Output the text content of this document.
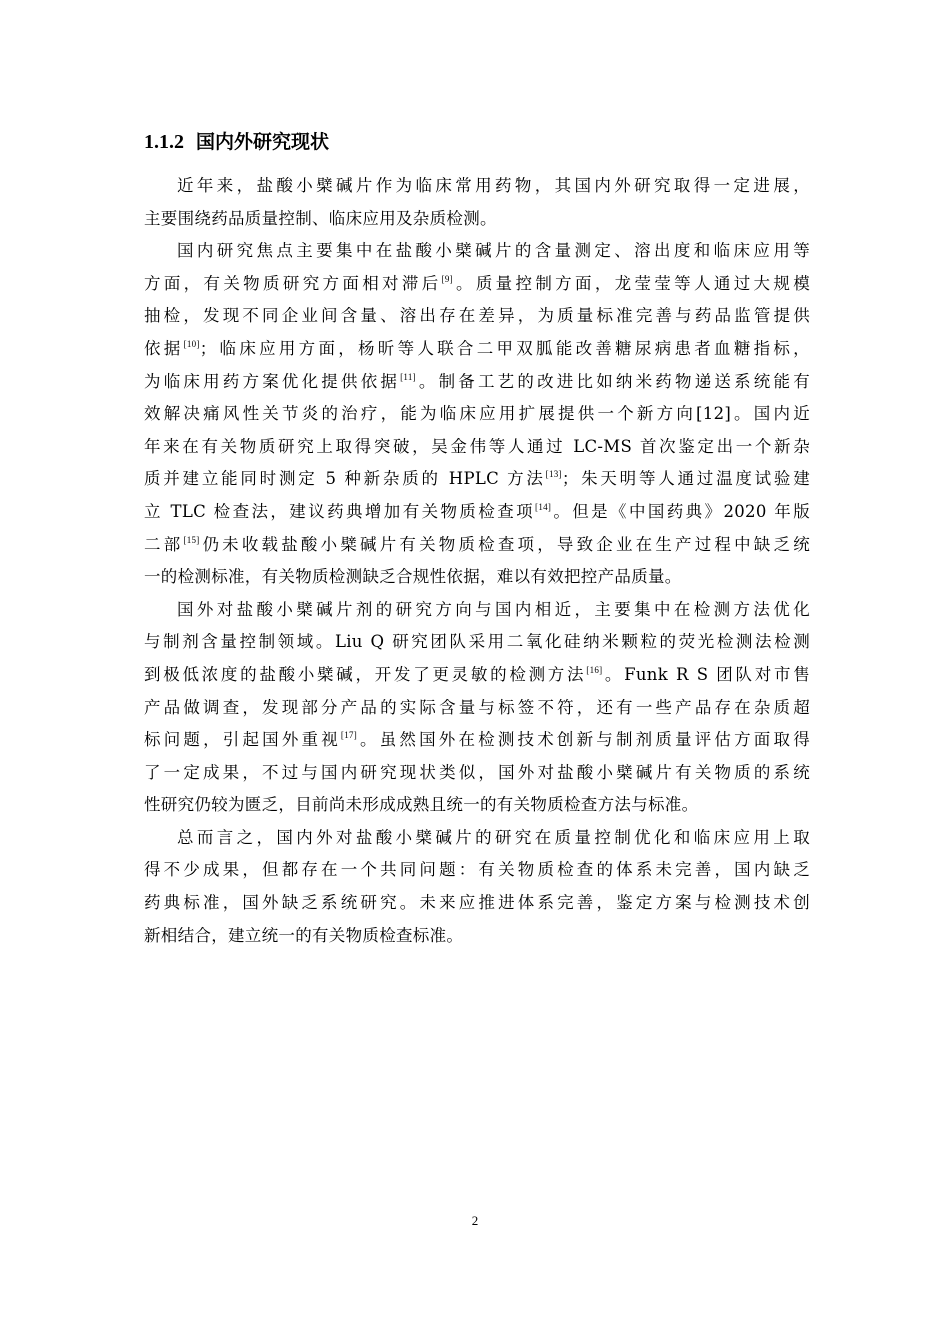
1.1.2 国内外研究现状

近年来，盐酸小檗碱片作为临床常用药物，其国内外研究取得一定进展，
主要围绕药品质量控制、临床应用及杂质检测。

国内研究焦点主要集中在盐酸小檗碱片的含量测定、溶出度和临床应用等
方面，有关物质研究方面相对滞后[9]。质量控制方面，龙莹莹等人通过大规模
抽检，发现不同企业间含量、溶出存在差异，为质量标准完善与药品监管提供
依据[10]；临床应用方面，杨昕等人联合二甲双胍能改善糖尿病患者血糖指标，
为临床用药方案优化提供依据[11]。制备工艺的改进比如纳米药物递送系统能有
效解决痛风性关节炎的治疗，能为临床应用扩展提供一个新方向[12]。国内近
年来在有关物质研究上取得突破，吴金伟等人通过 LC-MS 首次鉴定出一个新杂
质并建立能同时测定 5 种新杂质的 HPLC 方法[13]；朱天明等人通过温度试验建
立 TLC 检查法，建议药典增加有关物质检查项[14]。但是《中国药典》2020 年版
二部[15]仍未收载盐酸小檗碱片有关物质检查项，导致企业在生产过程中缺乏统
一的检测标准，有关物质检测缺乏合规性依据，难以有效把控产品质量。

国外对盐酸小檗碱片剂的研究方向与国内相近，主要集中在检测方法优化
与制剂含量控制领域。Liu Q 研究团队采用二氧化硅纳米颗粒的荧光检测法检测
到极低浓度的盐酸小檗碱，开发了更灵敏的检测方法[16]。Funk R S 团队对市售
产品做调查，发现部分产品的实际含量与标签不符，还有一些产品存在杂质超
标问题，引起国外重视[17]。虽然国外在检测技术创新与制剂质量评估方面取得
了一定成果，不过与国内研究现状类似，国外对盐酸小檗碱片有关物质的系统
性研究仍较为匮乏，目前尚未形成成熟且统一的有关物质检查方法与标准。

总而言之，国内外对盐酸小檗碱片的研究在质量控制优化和临床应用上取
得不少成果，但都存在一个共同问题：有关物质检查的体系未完善，国内缺乏
药典标准，国外缺乏系统研究。未来应推进体系完善，鉴定方案与检测技术创
新相结合，建立统一的有关物质检查标准。

2
